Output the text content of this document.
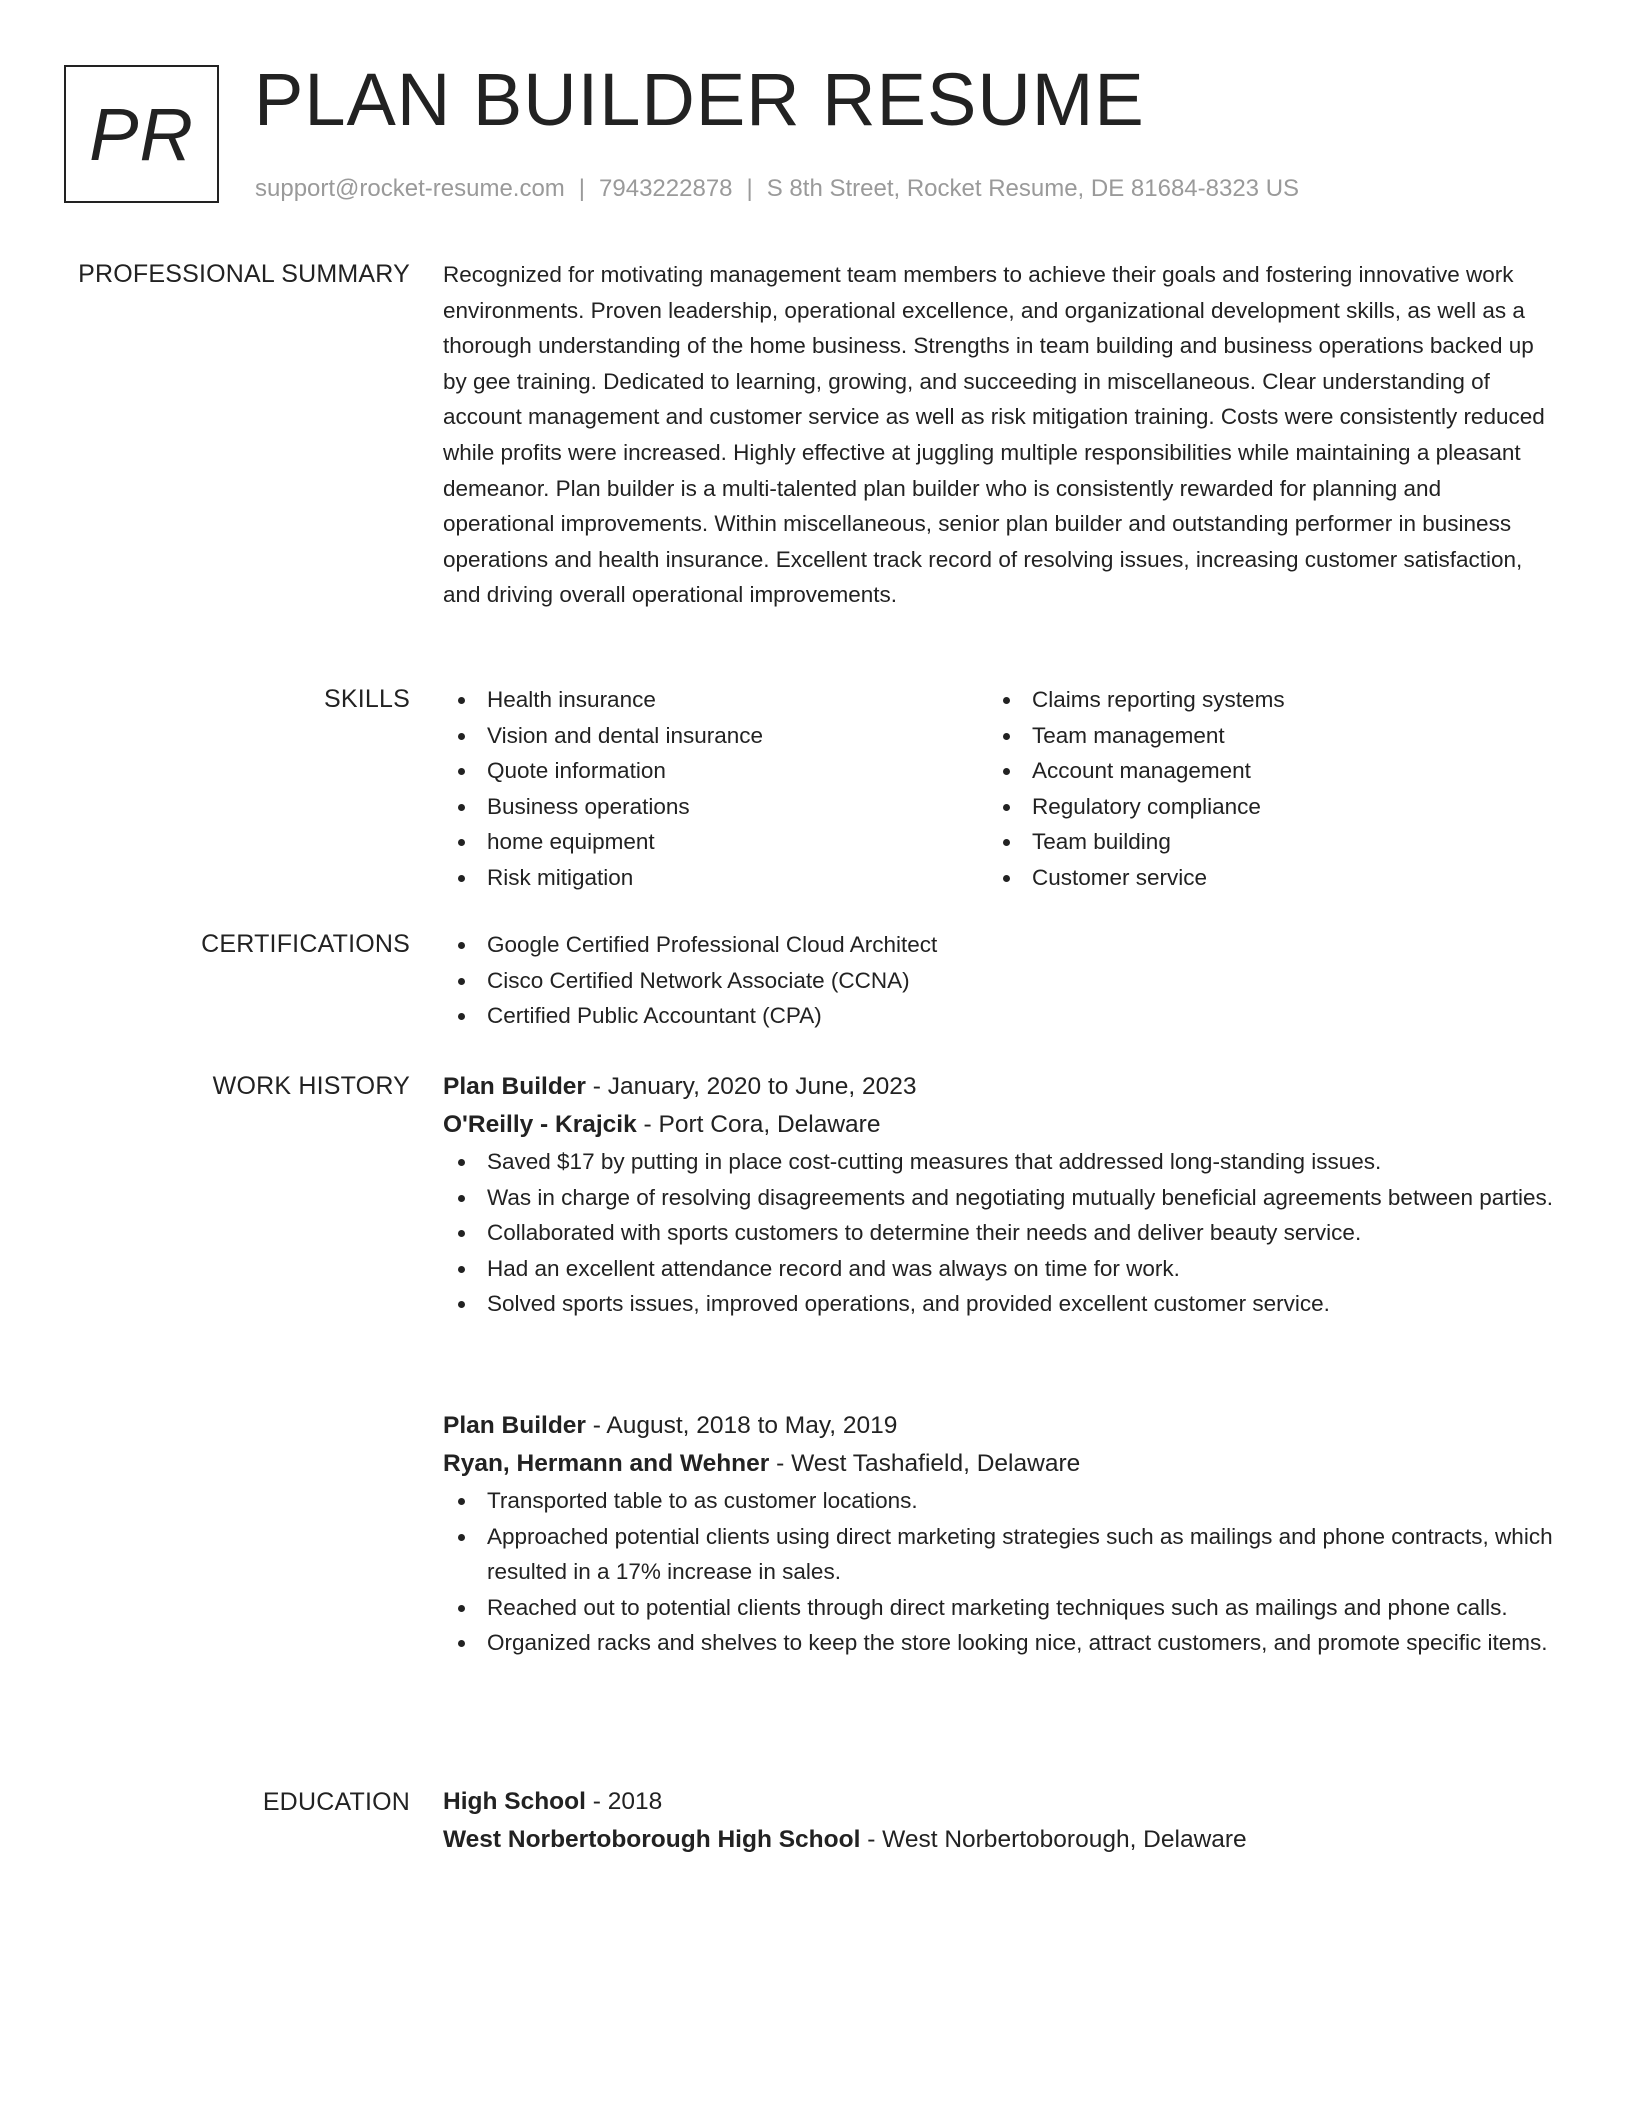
PR PLAN BUILDER RESUME
support@rocket-resume.com | 7943222878 | S 8th Street, Rocket Resume, DE 81684-8323 US
PROFESSIONAL SUMMARY Recognized for motivating management team members to achieve their goals and fostering innovative work environments. Proven leadership, operational excellence, and organizational development skills, as well as a thorough understanding of the home business. Strengths in team building and business operations backed up by gee training. Dedicated to learning, growing, and succeeding in miscellaneous. Clear understanding of account management and customer service as well as risk mitigation training. Costs were consistently reduced while profits were increased. Highly effective at juggling multiple responsibilities while maintaining a pleasant demeanor. Plan builder is a multi-talented plan builder who is consistently rewarded for planning and operational improvements. Within miscellaneous, senior plan builder and outstanding performer in business operations and health insurance. Excellent track record of resolving issues, increasing customer satisfaction, and driving overall operational improvements.

SKILLS	Health insurance
Vision and dental insurance
Quote information
Business operations
home equipment
Risk mitigation
Claims reporting systems
Team management
Account management
Regulatory compliance
Team building
Customer service
CERTIFICATIONS	Google Certified Professional Cloud Architect
Cisco Certified Network Associate (CCNA)
Certified Public Accountant (CPA)
WORK HISTORY Plan Builder - January, 2020 to June, 2023
O'Reilly - Krajcik - Port Cora, Delaware
Saved $17 by putting in place cost-cutting measures that addressed long-standing issues.
Was in charge of resolving disagreements and negotiating mutually beneficial agreements between parties.
Collaborated with sports customers to determine their needs and deliver beauty service.
Had an excellent attendance record and was always on time for work.
Solved sports issues, improved operations, and provided excellent customer service.
Plan Builder - August, 2018 to May, 2019
Ryan, Hermann and Wehner - West Tashafield, Delaware
Transported table to as customer locations.
Approached potential clients using direct marketing strategies such as mailings and phone contracts, which resulted in a 17% increase in sales.
Reached out to potential clients through direct marketing techniques such as mailings and phone calls.
Organized racks and shelves to keep the store looking nice, attract customers, and promote specific items.
EDUCATION High School - 2018
West Norbertoborough High School - West Norbertoborough, Delaware
